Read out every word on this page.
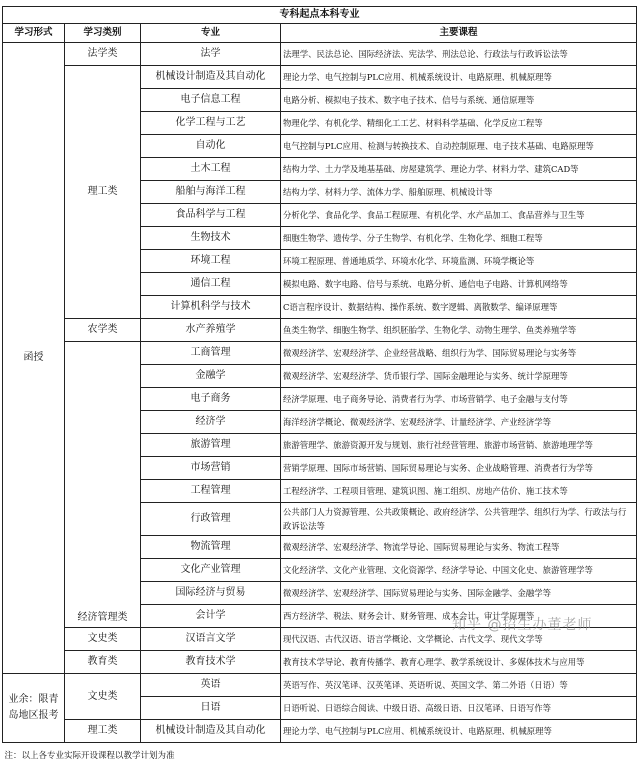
专科起点本科专业			
学习形式	学习类别	专业	主要课程
函授	法学类	法学	法理学、民法总论、国际经济法、宪法学、刑法总论、行政法与行政诉讼法等
	理工类	机械设计制造及其自动化	理论力学、电气控制与PLC应用、机械系统设计、电路原理、机械原理等
		电子信息工程	电路分析、模拟电子技术、数字电子技术、信号与系统、通信原理等
		化学工程与工艺	物理化学、有机化学、精细化工工艺、材料科学基础、化学反应工程等
		自动化	电气控制与PLC应用、检测与转换技术、自动控制原理、电子技术基础、电路原理等
		土木工程	结构力学、土力学及地基基础、房屋建筑学、理论力学、材料力学、建筑CAD等
		船舶与海洋工程	结构力学、材料力学、流体力学、船舶原理、机械设计等
		食品科学与工程	分析化学、食品化学、食品工程原理、有机化学、水产品加工、食品营养与卫生等
		生物技术	细胞生物学、遗传学、分子生物学、有机化学、生物化学、细胞工程等
		环境工程	环境工程原理、普通地质学、环境水化学、环境监测、环境学概论等
		通信工程	模拟电路、数字电路、信号与系统、电路分析、通信电子电路、计算机网络等
		计算机科学与技术	C语言程序设计、数据结构、操作系统、数字逻辑、离散数学、编译原理等
	农学类	水产养殖学	鱼类生物学、细胞生物学、组织胚胎学、生物化学、动物生理学、鱼类养殖学等
	经济管理类	工商管理	微观经济学、宏观经济学、企业经营战略、组织行为学、国际贸易理论与实务等
		金融学	微观经济学、宏观经济学、货币银行学、国际金融理论与实务、统计学原理等
		电子商务	经济学原理、电子商务导论、消费者行为学、市场营销学、电子金融与支付等
		经济学	海洋经济学概论、微观经济学、宏观经济学、计量经济学、产业经济学等
		旅游管理	旅游管理学、旅游资源开发与规划、旅行社经营管理、旅游市场营销、旅游地理学等
		市场营销	营销学原理、国际市场营销、国际贸易理论与实务、企业战略管理、消费者行为学等
		工程管理	工程经济学、工程项目管理、建筑识图、施工组织、房地产估价、施工技术等
		行政管理	公共部门人力资源管理、公共政策概论、政府经济学、公共管理学、组织行为学、行政法与行政诉讼法等
		物流管理	微观经济学、宏观经济学、物流学导论、国际贸易理论与实务、物流工程等
		文化产业管理	文化经济学、文化产业管理、文化资源学、经济学导论、中国文化史、旅游管理学等
		国际经济与贸易	微观经济学、宏观经济学、国际贸易理论与实务、国际金融学、金融学等
		会计学	西方经济学、税法、财务会计、财务管理、成本会计、审计学原理等
	文史类	汉语言文学	现代汉语、古代汉语、语言学概论、文学概论、古代文学、现代文学等
	教育类	教育技术学	教育技术学导论、教育传播学、教育心理学、教学系统设计、多媒体技术与应用等
业余：限青岛地区报考	文史类	英语	英语写作、英汉笔译、汉英笔译、英语听说、英国文学、第二外语（日语）等
		日语	日语听说、日语综合阅读、中级日语、高级日语、日汉笔译、日语写作等
	理工类	机械设计制造及其自动化	理论力学、电气控制与PLC应用、机械系统设计、电路原理、机械原理等
注：以上各专业实际开设课程以教学计划为准			
知乎 @招生办董老师
